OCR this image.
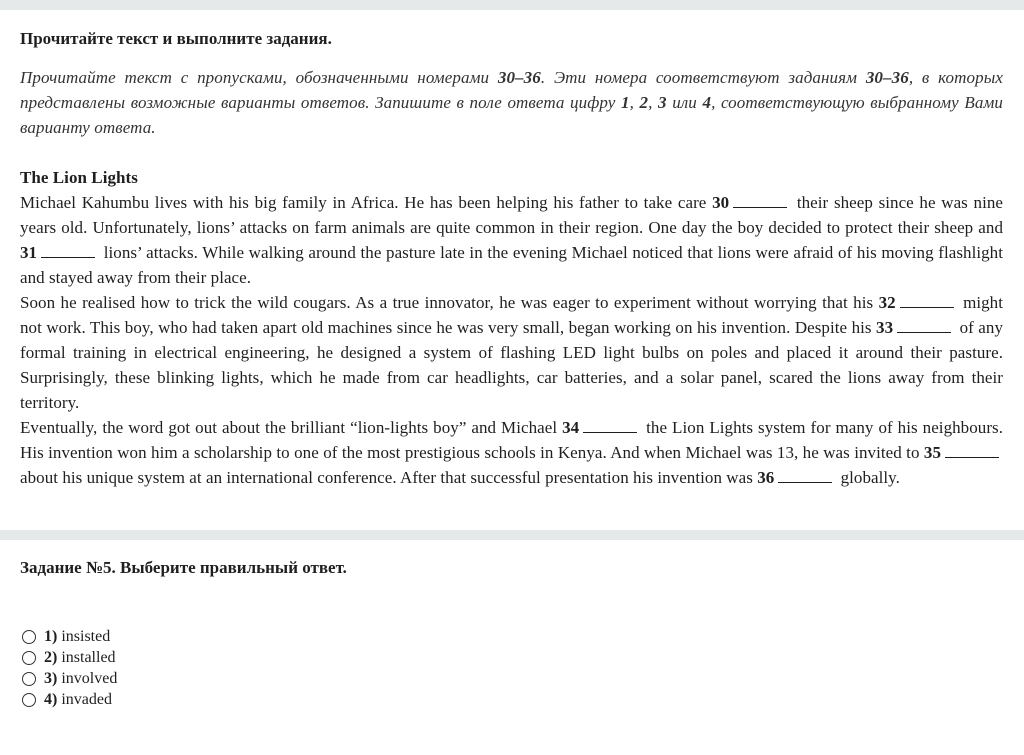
Прочитайте текст и выполните задания.
Прочитайте текст с пропусками, обозначенными номерами 30–36. Эти номера соответствуют заданиям 30–36, в которых представлены возможные варианты ответов. Запишите в поле ответа цифру 1, 2, 3 или 4, соответствующую выбранному Вами варианту ответа.
The Lion Lights

Michael Kahumbu lives with his big family in Africa. He has been helping his father to take care 30	their sheep since he was nine years old. Unfortunately, lions’ attacks on farm animals are quite common in their region. One day the boy decided to protect their sheep and 31	lions’ attacks. While walking around the pasture late in the evening Michael noticed that lions were afraid of his moving flashlight and stayed away from their place.

Soon he realised how to trick the wild cougars. As a true innovator, he was eager to experiment without worrying that his 32	might not work. This boy, who had taken apart old machines since he was very small, began working on his invention. Despite his 33	of any formal training in electrical engineering, he designed a system of flashing LED light bulbs on poles and placed it around their pasture. Surprisingly, these blinking lights, which he made from car headlights, car batteries, and a solar panel, scared the lions away from their territory.

Eventually, the word got out about the brilliant “lion-lights boy” and Michael 34	the Lion Lights system for many of his neighbours. His invention won him a scholarship to one of the most prestigious schools in Kenya. And when Michael was 13, he was invited to 35 about his unique system at an international conference. After that successful presentation his invention was 36	globally.

Задание №5. Выберите правильный ответ.
1) insisted
2) installed
3) involved
4) invaded
